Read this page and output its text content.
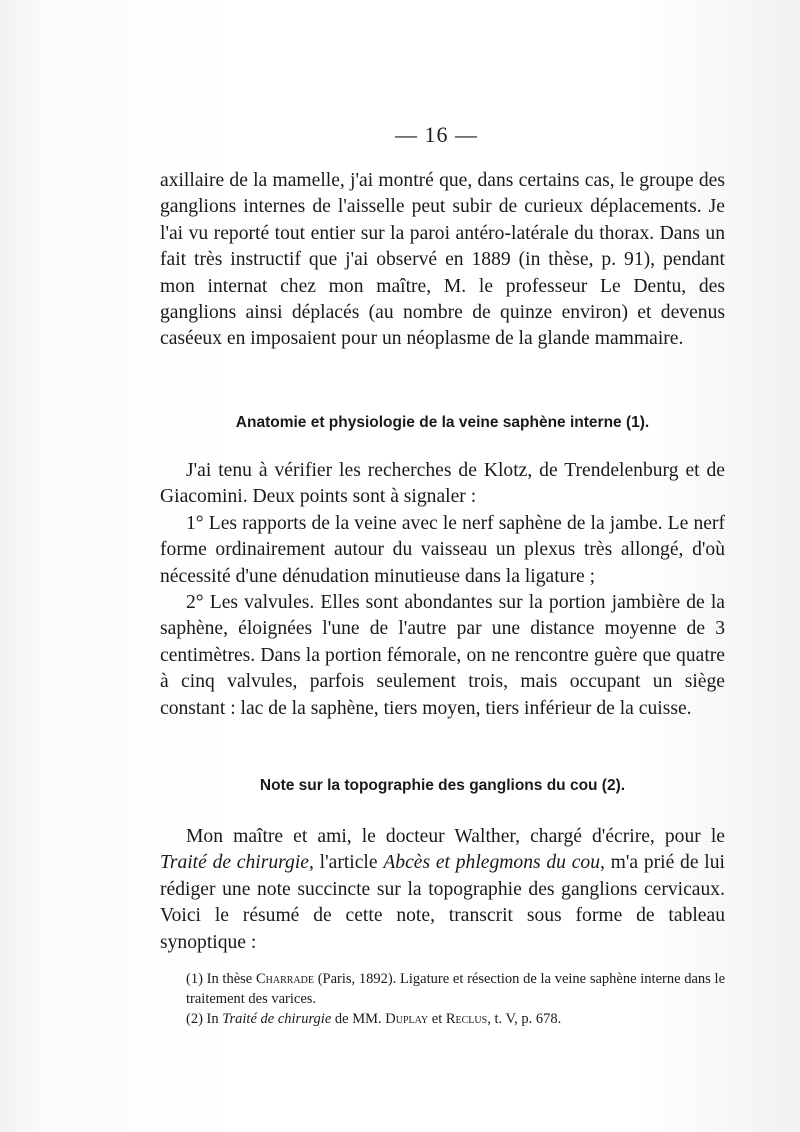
— 16 —
axillaire de la mamelle, j'ai montré que, dans certains cas, le groupe des ganglions internes de l'aisselle peut subir de curieux déplacements. Je l'ai vu reporté tout entier sur la paroi antéro-latérale du thorax. Dans un fait très instructif que j'ai observé en 1889 (in thèse, p. 91), pendant mon internat chez mon maître, M. le professeur Le Dentu, des ganglions ainsi déplacés (au nombre de quinze environ) et devenus caséeux en imposaient pour un néoplasme de la glande mammaire.
Anatomie et physiologie de la veine saphène interne (1).
J'ai tenu à vérifier les recherches de Klotz, de Trendelenburg et de Giacomini. Deux points sont à signaler :
1° Les rapports de la veine avec le nerf saphène de la jambe. Le nerf forme ordinairement autour du vaisseau un plexus très allongé, d'où nécessité d'une dénudation minutieuse dans la ligature ;
2° Les valvules. Elles sont abondantes sur la portion jambière de la saphène, éloignées l'une de l'autre par une distance moyenne de 3 centimètres. Dans la portion fémorale, on ne rencontre guère que quatre à cinq valvules, parfois seulement trois, mais occupant un siège constant : lac de la saphène, tiers moyen, tiers inférieur de la cuisse.
Note sur la topographie des ganglions du cou (2).
Mon maître et ami, le docteur Walther, chargé d'écrire, pour le Traité de chirurgie, l'article Abcès et phlegmons du cou, m'a prié de lui rédiger une note succincte sur la topographie des ganglions cervicaux. Voici le résumé de cette note, transcrit sous forme de tableau synoptique :
(1) In thèse Charrade (Paris, 1892). Ligature et résection de la veine saphène interne dans le traitement des varices.
(2) In Traité de chirurgie de MM. Duplay et Reclus, t. V, p. 678.
